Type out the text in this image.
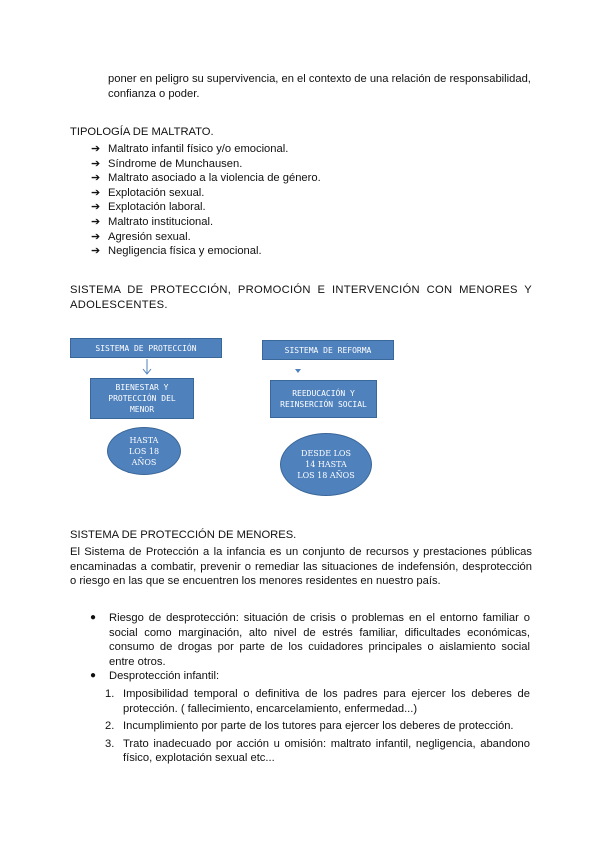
poner en peligro su supervivencia, en el contexto de una relación de responsabilidad, confianza o poder.
TIPOLOGÍA DE MALTRATO.
➔ Maltrato infantil físico y/o emocional.
➔ Síndrome de Munchausen.
➔ Maltrato asociado a la violencia de género.
➔ Explotación sexual.
➔ Explotación laboral.
➔ Maltrato institucional.
➔ Agresión sexual.
➔ Negligencia física y emocional.
SISTEMA DE PROTECCIÓN, PROMOCIÓN E INTERVENCIÓN CON MENORES Y
ADOLESCENTES.
SISTEMA DE PROTECCIÓN
BIENESTAR Y PROTECCIÓN DEL MENOR
HASTA LOS 18 AÑOS
SISTEMA DE REFORMA
REEDUCACIÓN Y REINSERCIÓN SOCIAL
DESDE LOS 14 HASTA LOS 18 AÑOS
SISTEMA DE PROTECCIÓN DE MENORES.
El Sistema de Protección a la infancia es un conjunto de recursos y prestaciones públicas encaminadas a combatir, prevenir o remediar las situaciones de indefensión, desprotección o riesgo en las que se encuentren los menores residentes en nuestro país.
● Riesgo de desprotección: situación de crisis o problemas en el entorno familiar o social como marginación, alto nivel de estrés familiar, dificultades económicas, consumo de drogas por parte de los cuidadores principales o aislamiento social entre otros.
● Desprotección infantil:
1. Imposibilidad temporal o definitiva de los padres para ejercer los deberes de protección. ( fallecimiento, encarcelamiento, enfermedad...)
2. Incumplimiento por parte de los tutores para ejercer los deberes de protección.
3. Trato inadecuado por acción u omisión: maltrato infantil, negligencia, abandono físico, explotación sexual etc...
